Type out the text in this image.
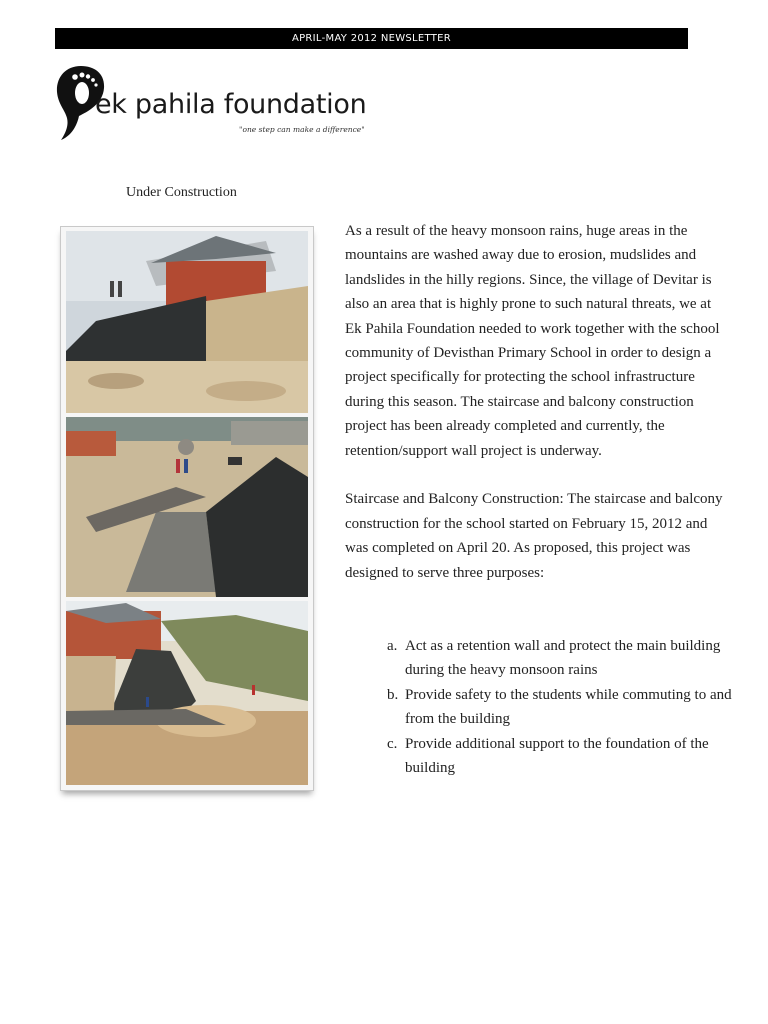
APRIL-MAY 2012 NEWSLETTER
ek pahila foundation
"one step can make a difference"
Under Construction

As a result of the heavy monsoon rains, huge areas in the mountains are washed away due to erosion, mudslides and landslides in the hilly regions. Since, the village of Devitar is also an area that is highly prone to such natural threats, we at Ek Pahila Foundation needed to work together with the school community of Devisthan Primary School in order to design a project specifically for protecting the school infrastructure during this season. The staircase and balcony construction project has been already completed and currently, the retention/support wall project is underway.

Staircase and Balcony Construction: The staircase and balcony construction for the school started on February 15, 2012 and was completed on April 20. As proposed, this project was designed to serve three purposes:

a. Act as a retention wall and protect the main building during the heavy monsoon rains
b. Provide safety to the students while commuting to and from the building
c. Provide additional support to the foundation of the building
